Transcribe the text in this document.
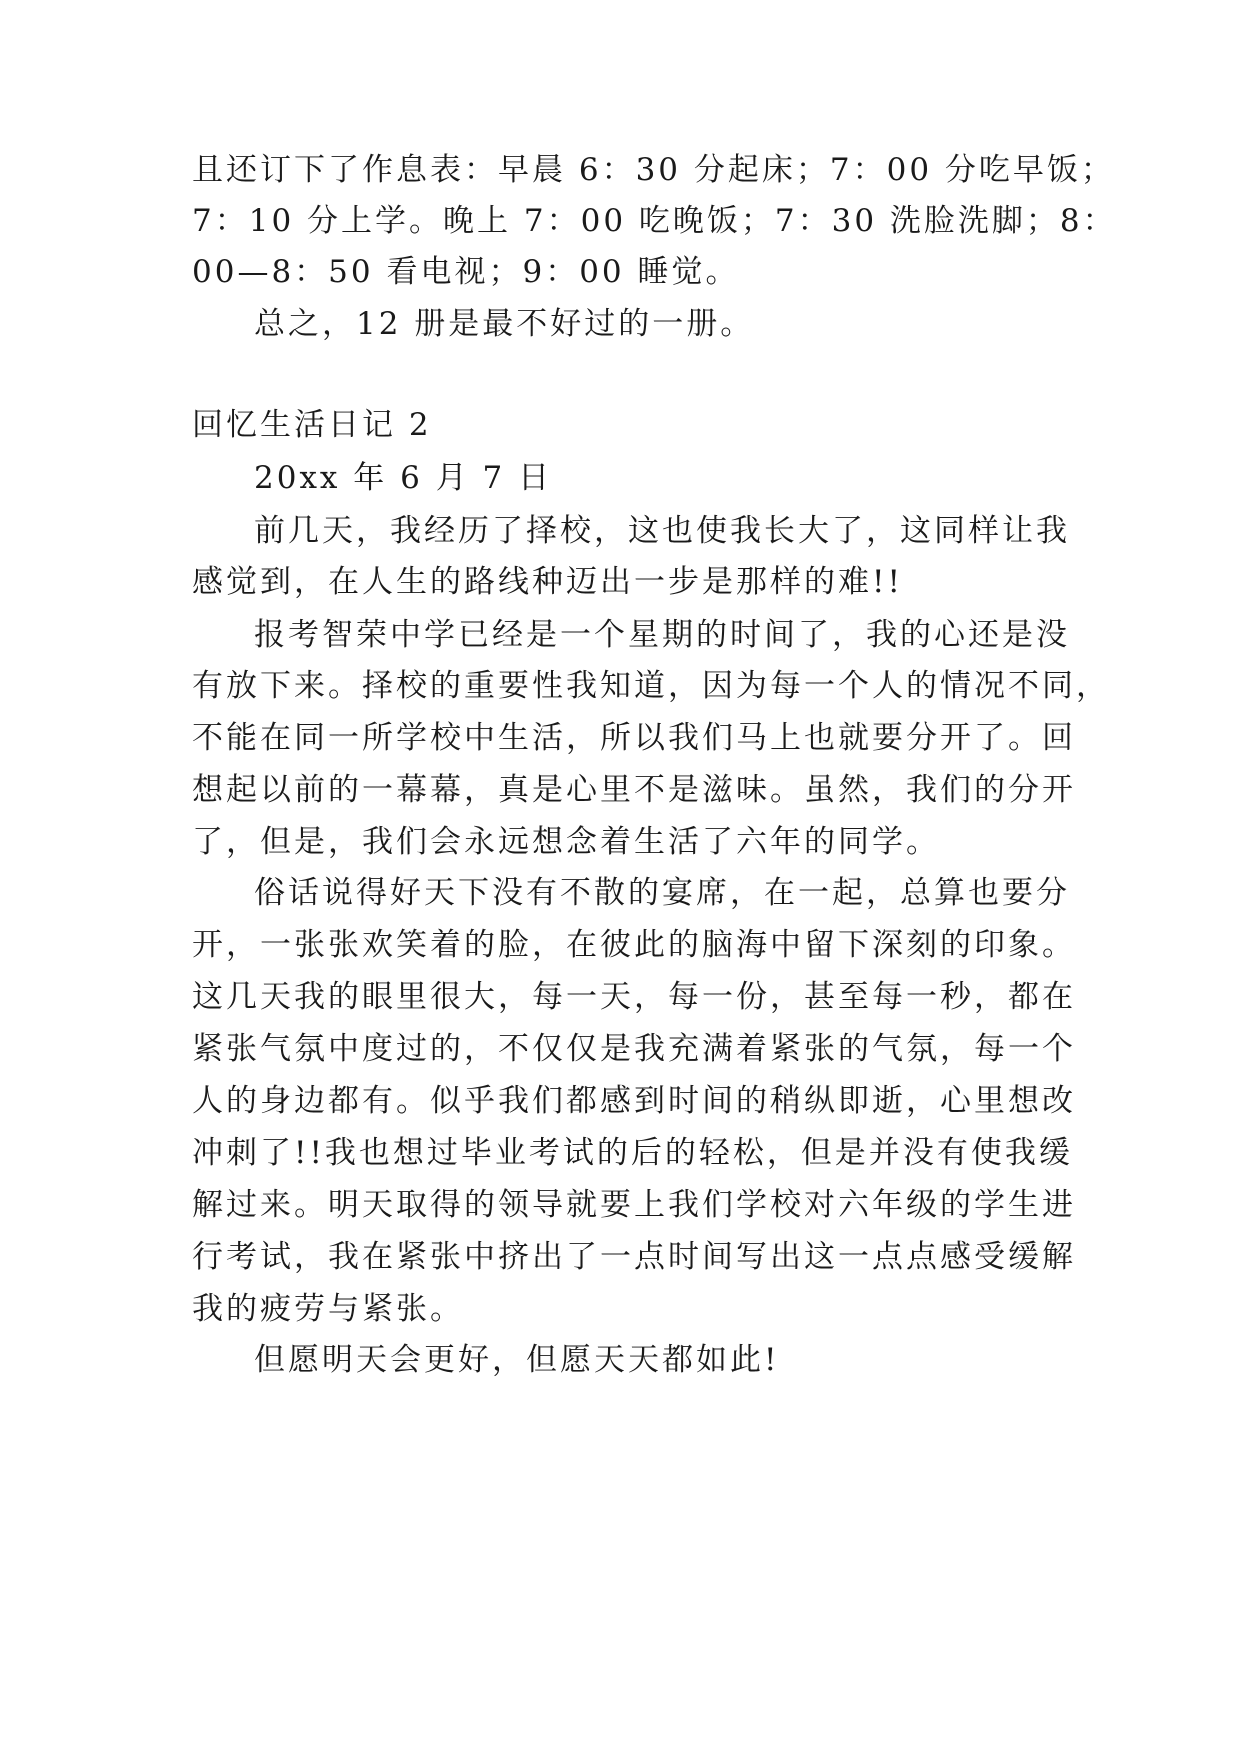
且还订下了作息表：早晨 6：30 分起床；7：00 分吃早饭；
7：10 分上学。晚上 7：00 吃晚饭；7：30 洗脸洗脚；8：
00—8：50 看电视；9：00 睡觉。
总之，12 册是最不好过的一册。
回忆生活日记 2
20xx 年 6 月 7 日
前几天，我经历了择校，这也使我长大了，这同样让我
感觉到，在人生的路线种迈出一步是那样的难!!
报考智荣中学已经是一个星期的时间了，我的心还是没
有放下来。择校的重要性我知道，因为每一个人的情况不同，
不能在同一所学校中生活，所以我们马上也就要分开了。回
想起以前的一幕幕，真是心里不是滋味。虽然，我们的分开
了，但是，我们会永远想念着生活了六年的同学。
俗话说得好天下没有不散的宴席，在一起，总算也要分
开，一张张欢笑着的脸，在彼此的脑海中留下深刻的印象。
这几天我的眼里很大，每一天，每一份，甚至每一秒，都在
紧张气氛中度过的，不仅仅是我充满着紧张的气氛，每一个
人的身边都有。似乎我们都感到时间的稍纵即逝，心里想改
冲刺了!!我也想过毕业考试的后的轻松，但是并没有使我缓
解过来。明天取得的领导就要上我们学校对六年级的学生进
行考试，我在紧张中挤出了一点时间写出这一点点感受缓解
我的疲劳与紧张。
但愿明天会更好，但愿天天都如此!
